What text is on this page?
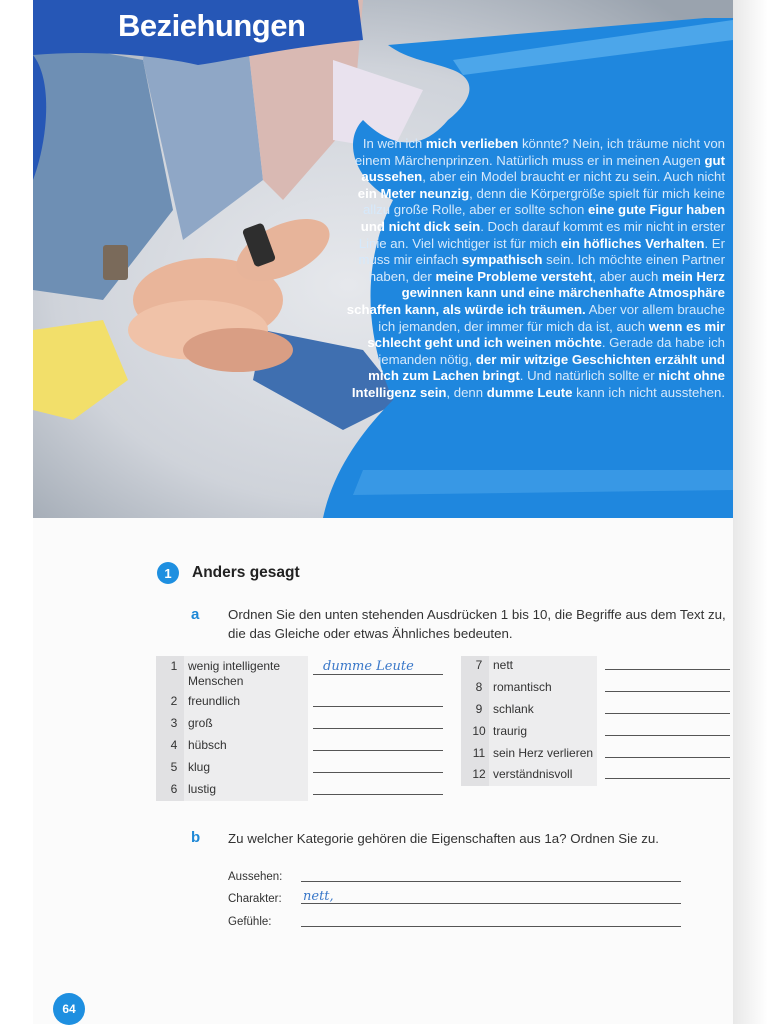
Beziehungen

In wen ich mich verlieben könnte? Nein, ich träume nicht von einem Märchenprinzen. Natürlich muss er in meinen Augen gut aussehen, aber ein Model braucht er nicht zu sein. Auch nicht ein Meter neunzig, denn die Körpergröße spielt für mich keine allzu große Rolle, aber er sollte schon eine gute Figur haben und nicht dick sein. Doch darauf kommt es mir nicht in erster Linie an. Viel wichtiger ist für mich ein höfliches Verhalten. Er muss mir einfach sympathisch sein. Ich möchte einen Partner haben, der meine Probleme versteht, aber auch mein Herz gewinnen kann und eine märchenhafte Atmosphäre schaffen kann, als würde ich träumen. Aber vor allem brauche ich jemanden, der immer für mich da ist, auch wenn es mir schlecht geht und ich weinen möchte. Gerade da habe ich jemanden nötig, der mir witzige Geschichten erzählt und mich zum Lachen bringt. Und natürlich sollte er nicht ohne Intelligenz sein, denn dumme Leute kann ich nicht ausstehen.

1	Anders gesagt
a Ordnen Sie den unten stehenden Ausdrücken 1 bis 10, die Begriffe aus dem Text zu,
die das Gleiche oder etwas Ähnliches bedeuten.
1 wenig intelligente
Menschen
dumme Leute
2 freundlich
3 groß
4 hübsch
5 klug
6 lustig
7 nett
8 romantisch
9 schlank
10 traurig
11 sein Herz verlieren
12 verständnisvoll
b Zu welcher Kategorie gehören die Eigenschaften aus 1a? Ordnen Sie zu.
Aussehen:
Charakter: nett,
Gefühle:
64
